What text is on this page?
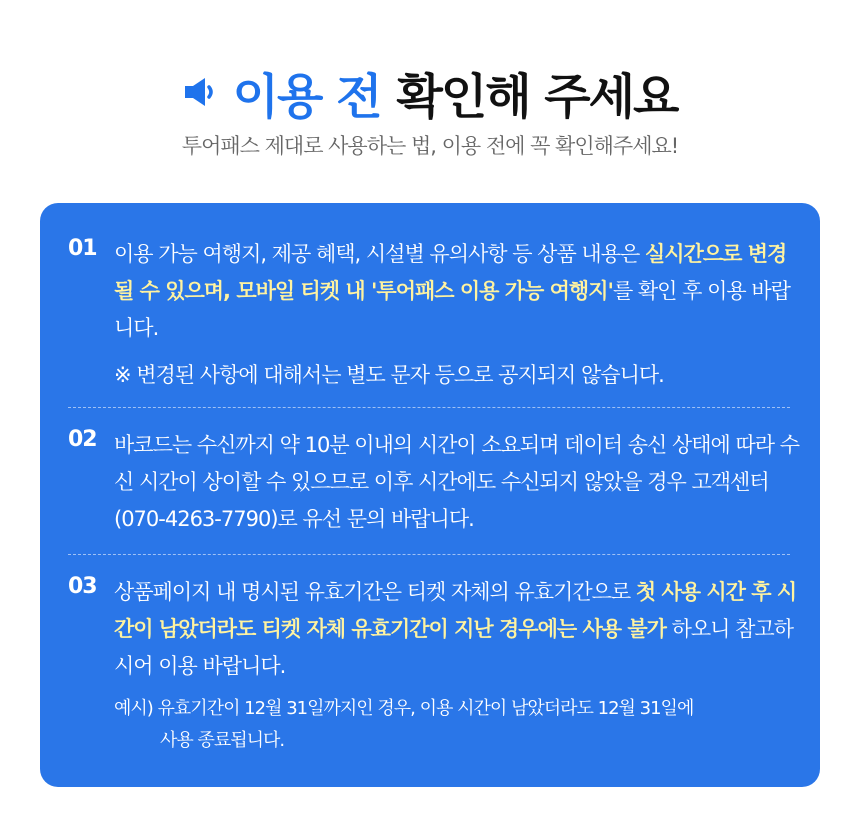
이용 전 확인해 주세요
투어패스 제대로 사용하는 법, 이용 전에 꼭 확인해주세요!
01 이용 가능 여행지, 제공 혜택, 시설별 유의사항 등 상품 내용은 실시간으로 변경될 수 있으며, 모바일 티켓 내 '투어패스 이용 가능 여행지'를 확인 후 이용 바랍니다.
※ 변경된 사항에 대해서는 별도 문자 등으로 공지되지 않습니다.
02 바코드는 수신까지 약 10분 이내의 시간이 소요되며 데이터 송신 상태에 따라 수신 시간이 상이할 수 있으므로 이후 시간에도 수신되지 않았을 경우 고객센터(070-4263-7790)로 유선 문의 바랍니다.
03 상품페이지 내 명시된 유효기간은 티켓 자체의 유효기간으로 첫 사용 시간 후 시간이 남았더라도 티켓 자체 유효기간이 지난 경우에는 사용 불가 하오니 참고하시어 이용 바랍니다.
예시) 유효기간이 12월 31일까지인 경우, 이용 시간이 남았더라도 12월 31일에
사용 종료됩니다.
